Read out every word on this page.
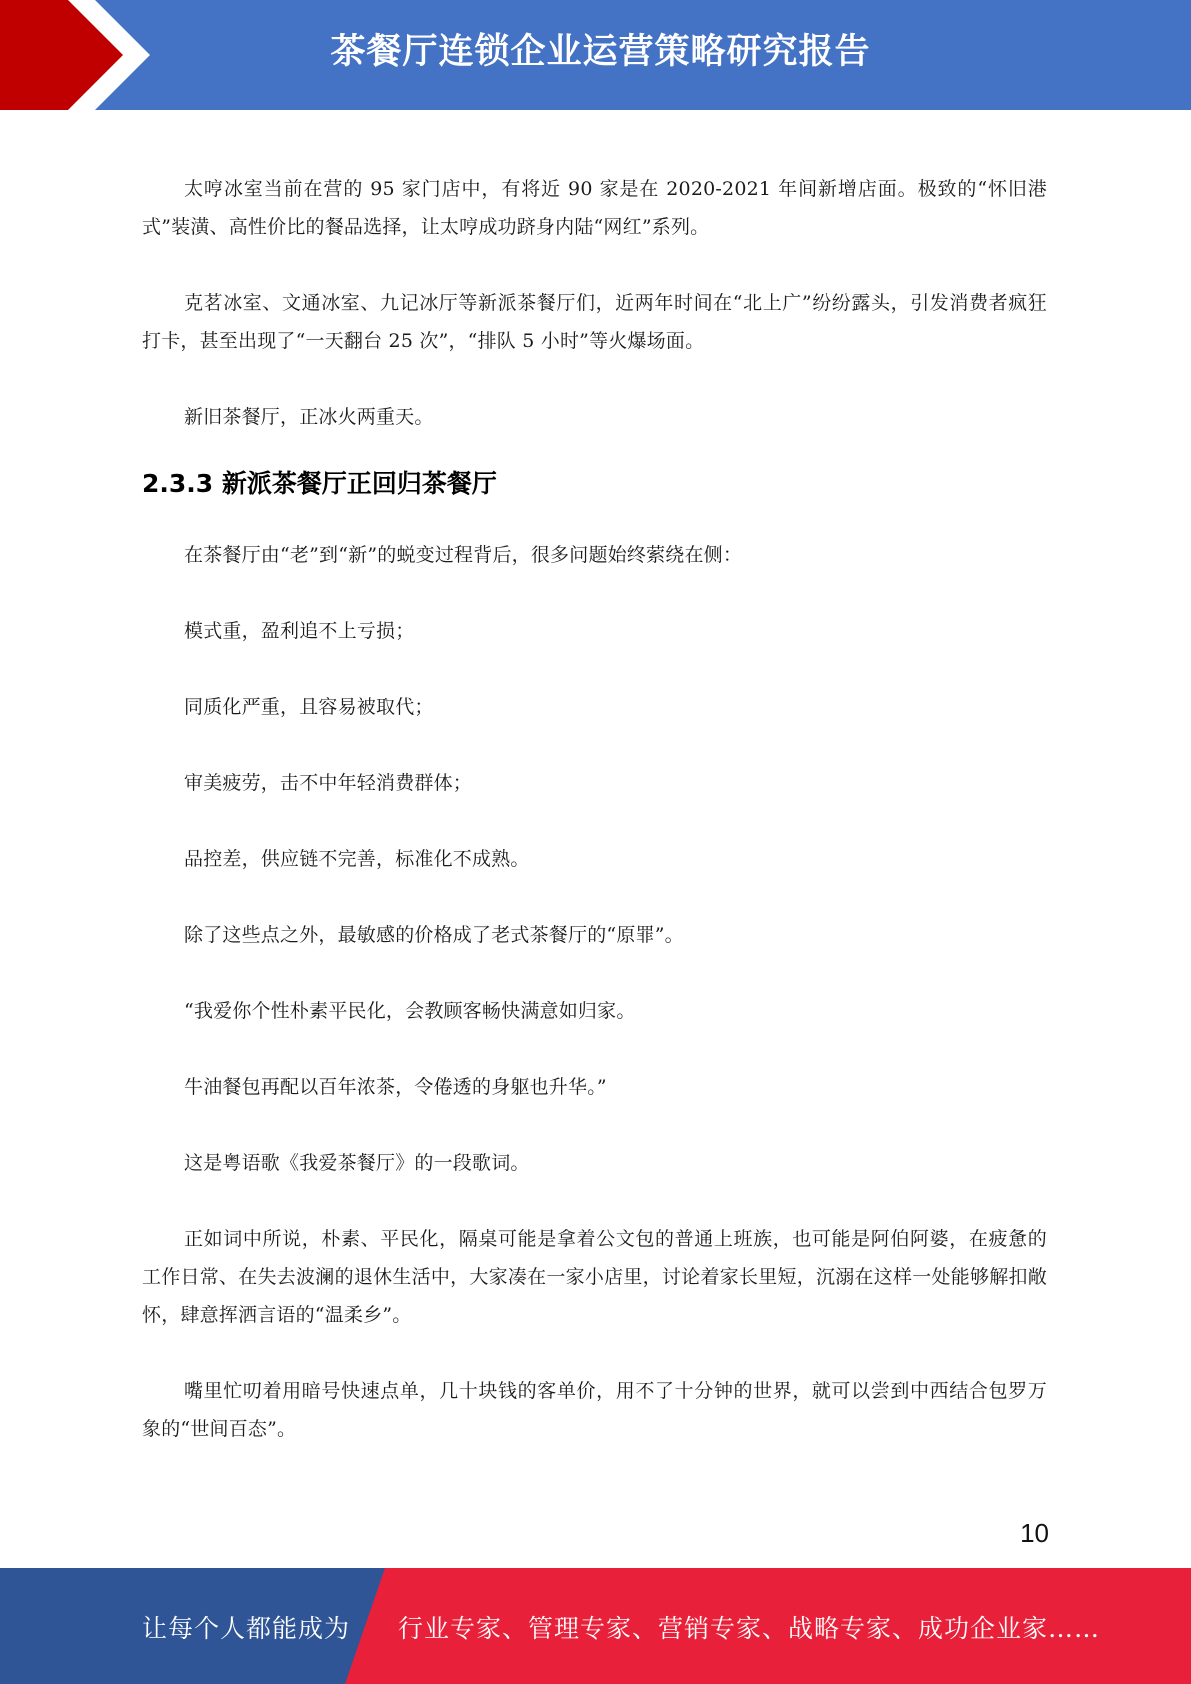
茶餐厅连锁企业运营策略研究报告

太哼冰室当前在营的 95 家门店中，有将近 90 家是在 2020-2021 年间新增店面。极致的“怀旧港式”装潢、高性价比的餐品选择，让太哼成功跻身内陆“网红”系列。

克茗冰室、文通冰室、九记冰厅等新派茶餐厅们，近两年时间在“北上广”纷纷露头，引发消费者疯狂打卡，甚至出现了“一天翻台 25 次”，“排队 5 小时”等火爆场面。

新旧茶餐厅，正冰火两重天。

2.3.3 新派茶餐厅正回归茶餐厅

在茶餐厅由“老”到“新”的蜕变过程背后，很多问题始终萦绕在侧：

模式重，盈利追不上亏损；

同质化严重，且容易被取代；

审美疲劳，击不中年轻消费群体；

品控差，供应链不完善，标准化不成熟。

除了这些点之外，最敏感的价格成了老式茶餐厅的“原罪”。

“我爱你个性朴素平民化，会教顾客畅快满意如归家。

牛油餐包再配以百年浓茶，令倦透的身躯也升华。”

这是粤语歌《我爱茶餐厅》的一段歌词。

正如词中所说，朴素、平民化，隔桌可能是拿着公文包的普通上班族，也可能是阿伯阿婆，在疲惫的工作日常、在失去波澜的退休生活中，大家凑在一家小店里，讨论着家长里短，沉溺在这样一处能够解扣敞怀，肆意挥洒言语的“温柔乡”。

嘴里忙叨着用暗号快速点单，几十块钱的客单价，用不了十分钟的世界，就可以尝到中西结合包罗万象的“世间百态”。

10
让每个人都能成为 行业专家、管理专家、营销专家、战略专家、成功企业家……
